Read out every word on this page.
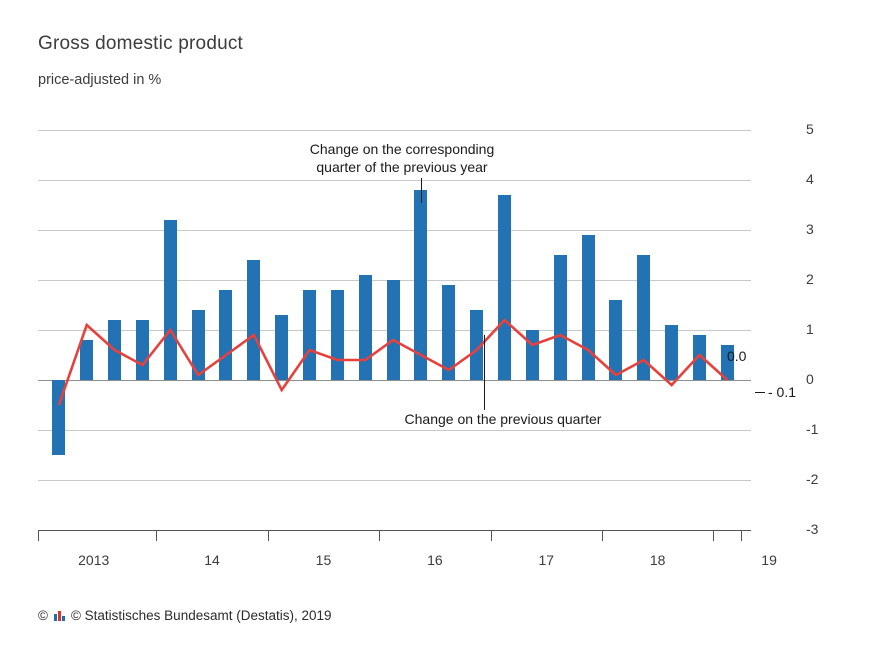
Gross domestic product
price-adjusted in %
2013	14	15	16	17	18	19
-3
-2
-1
0
1
2
3
4
5
Change on the corresponding
quarter of the previous year
Change on the previous quarter
0.0
- 0.1
© © Statistisches Bundesamt (Destatis), 2019
